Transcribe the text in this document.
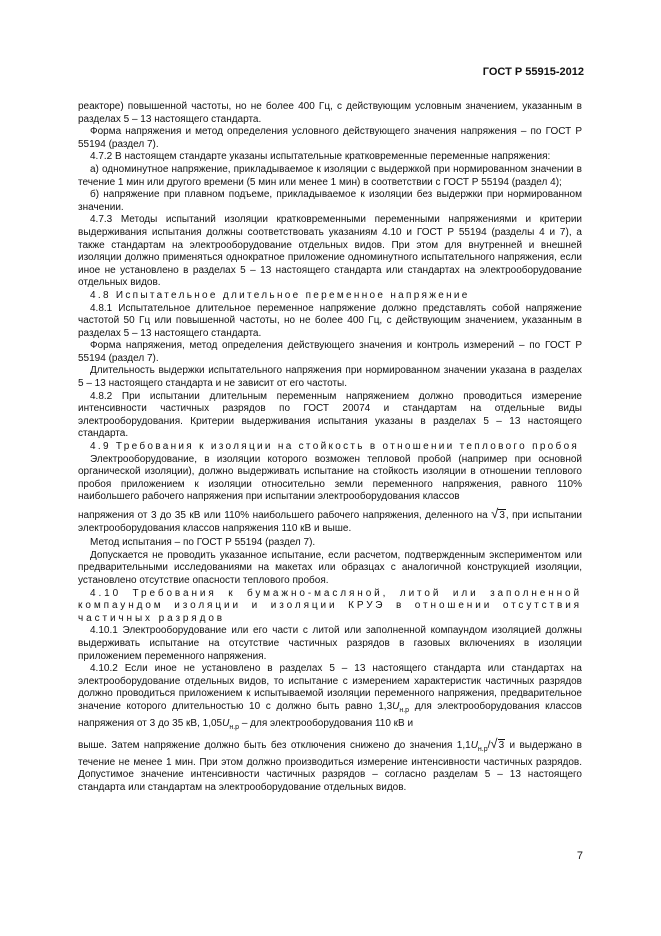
ГОСТ Р 55915-2012

реакторе) повышенной частоты, но не более 400 Гц, с действующим условным значением, указанным в разделах 5 – 13 настоящего стандарта.

Форма напряжения и метод определения условного действующего значения напряжения – по ГОСТ Р 55194 (раздел 7).

4.7.2 В настоящем стандарте указаны испытательные кратковременные переменные напряжения:

а) одноминутное напряжение, прикладываемое к изоляции с выдержкой при нормированном значении в течение 1 мин или другого времени (5 мин или менее 1 мин) в соответствии с ГОСТ Р 55194 (раздел 4);

б) напряжение при плавном подъеме, прикладываемое к изоляции без выдержки при нормированном значении.

4.7.3 Методы испытаний изоляции кратковременными переменными напряжениями и критерии выдерживания испытания должны соответствовать указаниям 4.10 и ГОСТ Р 55194 (разделы 4 и 7), а также стандартам на электрооборудование отдельных видов. При этом для внутренней и внешней изоляции должно применяться однократное приложение одноминутного испытательного напряжения, если иное не установлено в разделах 5 – 13 настоящего стандарта или стандартах на электрооборудование отдельных видов.

4.8 Испытательное длительное переменное напряжение

4.8.1 Испытательное длительное переменное напряжение должно представлять собой напряжение частотой 50 Гц или повышенной частоты, но не более 400 Гц, с действующим значением, указанным в разделах 5 – 13 настоящего стандарта.

Форма напряжения, метод определения действующего значения и контроль измерений – по ГОСТ Р 55194 (раздел 7).

Длительность выдержки испытательного напряжения при нормированном значении указана в разделах 5 – 13 настоящего стандарта и не зависит от его частоты.

4.8.2 При испытании длительным переменным напряжением должно проводиться измерение интенсивности частичных разрядов по ГОСТ 20074 и стандартам на отдельные виды электрооборудования. Критерии выдерживания испытания указаны в разделах 5 – 13 настоящего стандарта.

4.9 Требования к изоляции на стойкость в отношении теплового пробоя

Электрооборудование, в изоляции которого возможен тепловой пробой (например при основной органической изоляции), должно выдерживать испытание на стойкость изоляции в отношении теплового пробоя приложением к изоляции относительно земли переменного напряжения, равного 110% наибольшего рабочего напряжения при испытании электрооборудования классов

напряжения от 3 до 35 кВ или 110% наибольшего рабочего напряжения, деленного на √3, при испытании электрооборудования классов напряжения 110 кВ и выше.

Метод испытания – по ГОСТ Р 55194 (раздел 7).

Допускается не проводить указанное испытание, если расчетом, подтвержденным экспериментом или предварительными исследованиями на макетах или образцах с аналогичной конструкцией изоляции, установлено отсутствие опасности теплового пробоя.

4.10 Требования к бумажно-масляной, литой или заполненной компаундом изоляции и изоляции КРУЭ в отношении отсутствия частичных разрядов

4.10.1 Электрооборудование или его части с литой или заполненной компаундом изоляцией должны выдерживать испытание на отсутствие частичных разрядов в газовых включениях в изоляции приложением переменного напряжения.

4.10.2 Если иное не установлено в разделах 5 – 13 настоящего стандарта или стандартах на электрооборудование отдельных видов, то испытание с измерением характеристик частичных разрядов должно проводиться приложением к испытываемой изоляции переменного напряжения, предварительное значение которого длительностью 10 с должно быть равно $1,3U_{н.р}$ для электрооборудования классов напряжения от 3 до 35 кВ, $1,05U_{н.р}$ – для электрооборудования 110 кВ и

выше. Затем напряжение должно быть без отключения снижено до значения $1,1U_{н.р}/√3$ и выдержано в течение не менее 1 мин. При этом должно производиться измерение интенсивности частичных разрядов. Допустимое значение интенсивности частичных разрядов – согласно разделам 5 – 13 настоящего стандарта или стандартам на электрооборудование отдельных видов.

7
